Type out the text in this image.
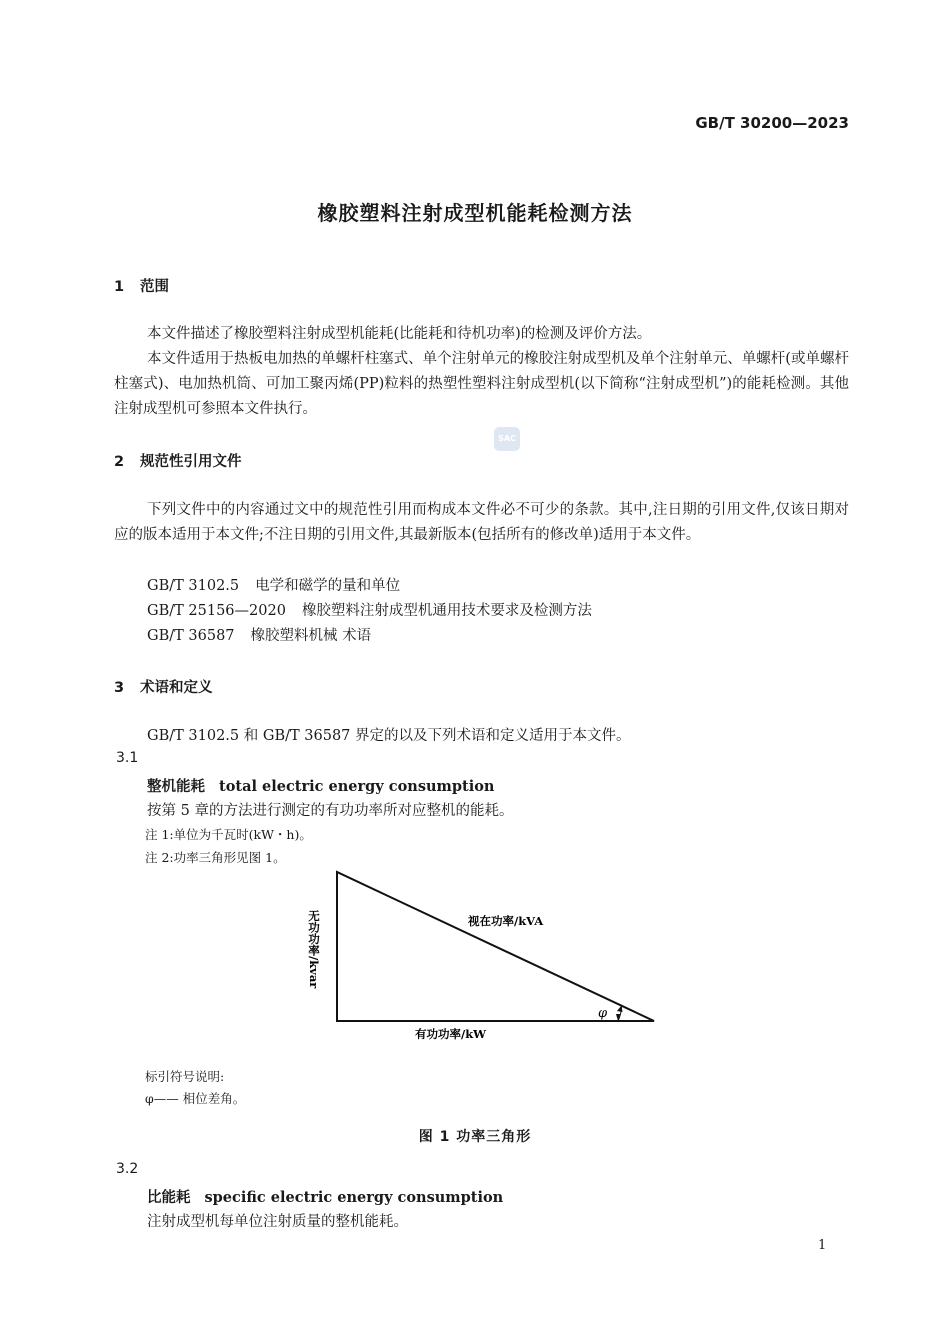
GB/T 30200—2023
橡胶塑料注射成型机能耗检测方法
1 范围
本文件描述了橡胶塑料注射成型机能耗(比能耗和待机功率)的检测及评价方法。
本文件适用于热板电加热的单螺杆柱塞式、单个注射单元的橡胶注射成型机及单个注射单元、单螺杆(或单螺杆柱塞式)、电加热机筒、可加工聚丙烯(PP)粒料的热塑性塑料注射成型机(以下简称“注射成型机”)的能耗检测。其他注射成型机可参照本文件执行。
SAC
2 规范性引用文件
下列文件中的内容通过文中的规范性引用而构成本文件必不可少的条款。其中,注日期的引用文件,仅该日期对应的版本适用于本文件;不注日期的引用文件,其最新版本(包括所有的修改单)适用于本文件。
GB/T 3102.5 电学和磁学的量和单位
GB/T 25156—2020 橡胶塑料注射成型机通用技术要求及检测方法
GB/T 36587 橡胶塑料机械 术语
3 术语和定义
GB/T 3102.5 和 GB/T 36587 界定的以及下列术语和定义适用于本文件。
3.1
整机能耗 total electric energy consumption
按第 5 章的方法进行测定的有功功率所对应整机的能耗。
注 1:单位为千瓦时(kW・h)。
注 2:功率三角形见图 1。
φ
视在功率/kVA
有功功率/kW
无功功率/kvar
标引符号说明:
φ—— 相位差角。
图 1 功率三角形
3.2
比能耗 specific electric energy consumption
注射成型机每单位注射质量的整机能耗。
1
